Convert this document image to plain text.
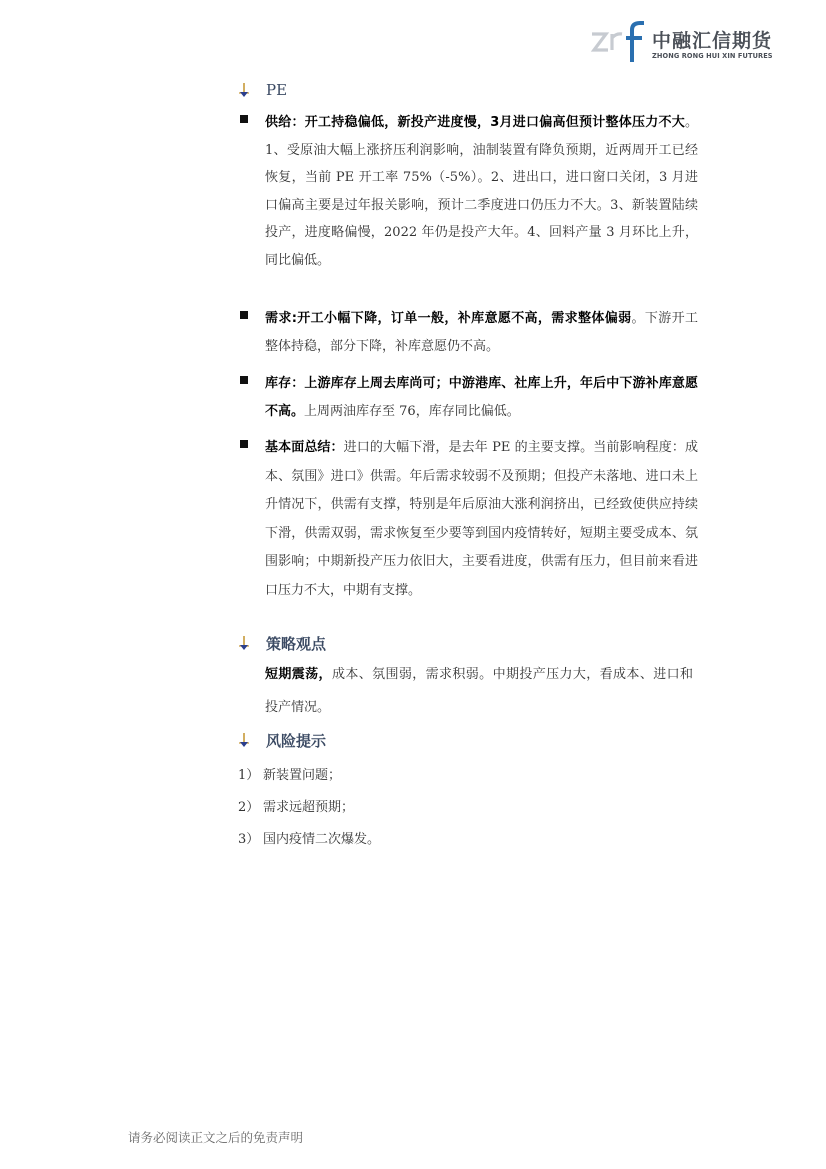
中融汇信期货
ZHONG RONG HUI XIN FUTURES
PE

供给：开工持稳偏低，新投产进度慢，3月进口偏高但预计整体压力不大。1、受原油大幅上涨挤压利润影响，油制装置有降负预期，近两周开工已经恢复，当前 PE 开工率 75%（-5%）。2、进出口，进口窗口关闭，3 月进口偏高主要是过年报关影响，预计二季度进口仍压力不大。3、新装置陆续投产，进度略偏慢，2022 年仍是投产大年。4、回料产量 3 月环比上升，同比偏低。

需求:开工小幅下降，订单一般，补库意愿不高，需求整体偏弱。下游开工整体持稳，部分下降，补库意愿仍不高。

库存：上游库存上周去库尚可；中游港库、社库上升，年后中下游补库意愿不高。上周两油库存至 76，库存同比偏低。

基本面总结：进口的大幅下滑，是去年 PE 的主要支撑。当前影响程度：成本、氛围》进口》供需。年后需求较弱不及预期；但投产未落地、进口未上升情况下，供需有支撑，特别是年后原油大涨利润挤出，已经致使供应持续下滑，供需双弱，需求恢复至少要等到国内疫情转好，短期主要受成本、氛围影响；中期新投产压力依旧大，主要看进度，供需有压力，但目前来看进口压力不大，中期有支撑。

策略观点

短期震荡，成本、氛围弱，需求积弱。中期投产压力大，看成本、进口和投产情况。

风险提示
1） 新装置问题；
2） 需求远超预期；
3） 国内疫情二次爆发。
请务必阅读正文之后的免责声明
